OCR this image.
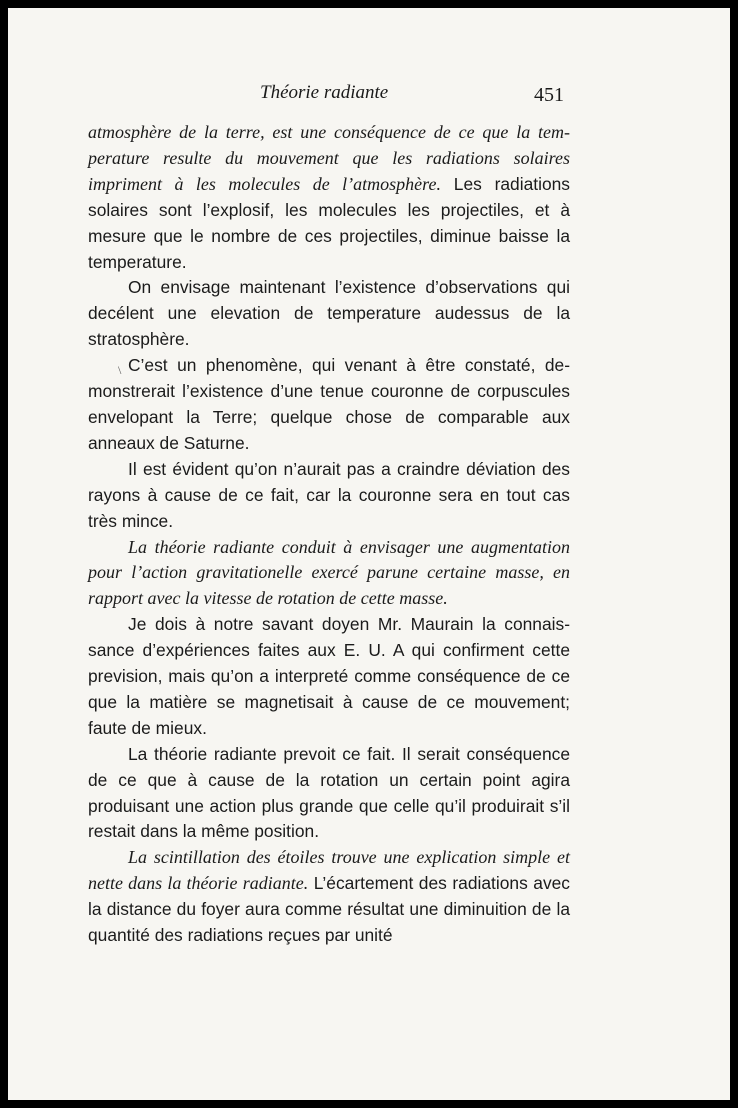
Théorie radiante	451
\

atmosphère de la terre, est une conséquence de ce que la temperature resulte du mouvement que les radiations solaires impriment à les molecules de l’atmosphère. Les radiations solaires sont l’explosif, les molecules les projectiles, et à mesure que le nombre de ces projectiles, diminue baisse la temperature.

On envisage maintenant l’existence d’observations qui decélent une elevation de temperature audessus de la stratosphère.

C’est un phenomène, qui venant à être constaté, demonstrerait l’existence d’une tenue couronne de corpuscules envelopant la Terre; quelque chose de comparable aux anneaux de Saturne.

Il est évident qu’on n’aurait pas a craindre déviation des rayons à cause de ce fait, car la couronne sera en tout cas très mince.

La théorie radiante conduit à envisager une augmentation pour l’action gravitationelle exercé parune certaine masse, en rapport avec la vitesse de rotation de cette masse.

Je dois à notre savant doyen Mr. Maurain la connaissance d’expériences faites aux E. U. A qui confirment cette prevision, mais qu’on a interpreté comme conséquence de ce que la matière se magnetisait à cause de ce mouvement; faute de mieux.

La théorie radiante prevoit ce fait. Il serait conséquence de ce que à cause de la rotation un certain point agira produisant une action plus grande que celle qu’il produirait s’il restait dans la même position.

La scintillation des étoiles trouve une explication simple et nette dans la théorie radiante. L’écartement des radiations avec la distance du foyer aura comme résultat une diminuition de la quantité des radiations reçues par unité
